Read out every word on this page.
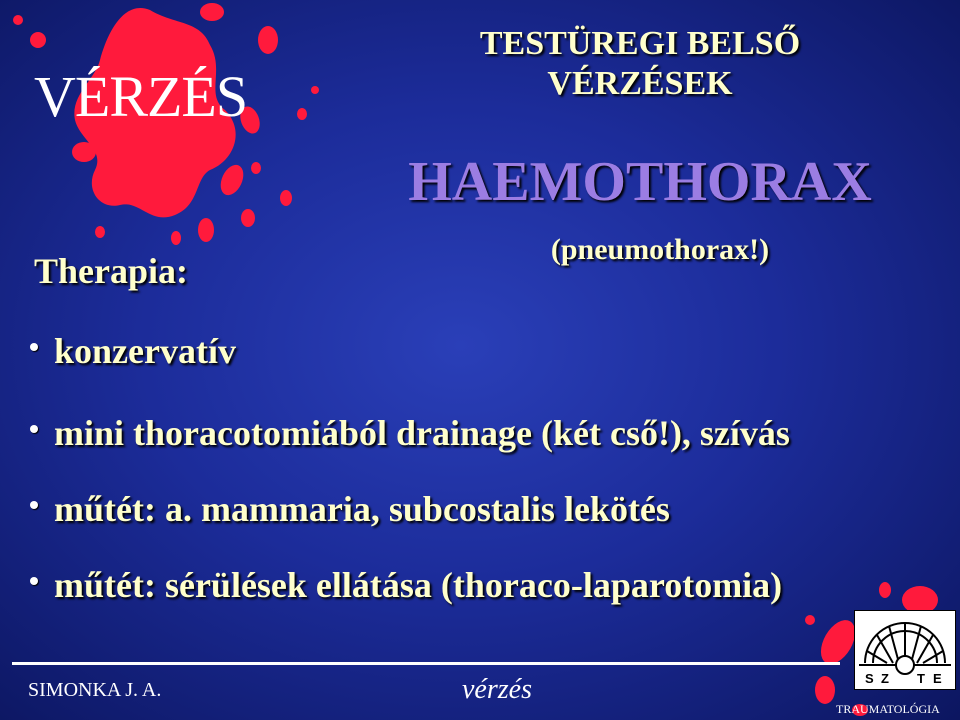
VÉRZÉS
TESTÜREGI BELSŐ
VÉRZÉSEK
HAEMOTHORAX
(pneumothorax!)
Therapia:
konzervatív
mini thoracotomiából drainage (két cső!), szívás
műtét: a. mammaria, subcostalis lekötés
műtét: sérülések ellátása (thoraco-laparotomia)
SIMONKA J. A.	vérzés	S Z T E
TRAUMATOLÓGIA
